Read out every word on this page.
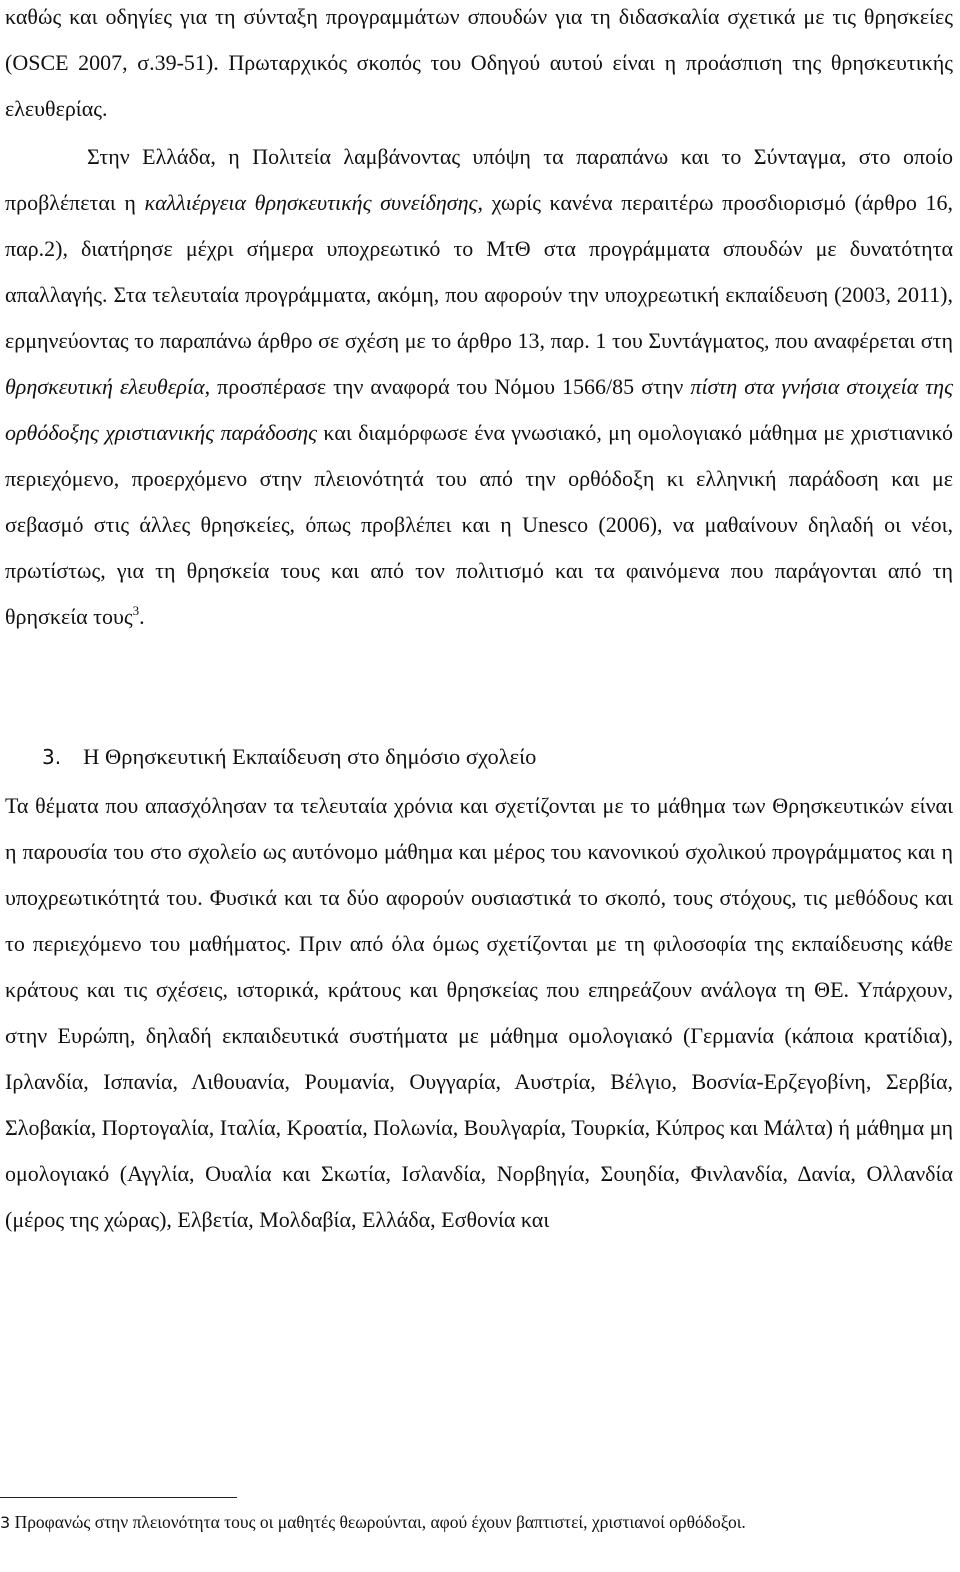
καθώς και οδηγίες για τη σύνταξη προγραμμάτων σπουδών για τη διδασκαλία σχετικά με τις θρησκείες (OSCE 2007, σ.39-51). Πρωταρχικός σκοπός του Οδηγού αυτού είναι η προάσπιση της θρησκευτικής ελευθερίας.

Στην Ελλάδα, η Πολιτεία λαμβάνοντας υπόψη τα παραπάνω και το Σύνταγμα, στο οποίο προβλέπεται η καλλιέργεια θρησκευτικής συνείδησης, χωρίς κανένα περαιτέρω προσδιορισμό (άρθρο 16, παρ.2), διατήρησε μέχρι σήμερα υποχρεωτικό το ΜτΘ στα προγράμματα σπουδών με δυνατότητα απαλλαγής. Στα τελευταία προγράμματα, ακόμη, που αφορούν την υποχρεωτική εκπαίδευση (2003, 2011), ερμηνεύοντας το παραπάνω άρθρο σε σχέση με το άρθρο 13, παρ. 1 του Συντάγματος, που αναφέρεται στη θρησκευτική ελευθερία, προσπέρασε την αναφορά του Νόμου 1566/85 στην πίστη στα γνήσια στοιχεία της ορθόδοξης χριστιανικής παράδοσης και διαμόρφωσε ένα γνωσιακό, μη ομολογιακό μάθημα με χριστιανικό περιεχόμενο, προερχόμενο στην πλειονότητά του από την ορθόδοξη κι ελληνική παράδοση και με σεβασμό στις άλλες θρησκείες, όπως προβλέπει και η Unesco (2006), να μαθαίνουν δηλαδή οι νέοι, πρωτίστως, για τη θρησκεία τους και από τον πολιτισμό και τα φαινόμενα που παράγονται από τη θρησκεία τους$^3$.

3. Η Θρησκευτική Εκπαίδευση στο δημόσιο σχολείο

Τα θέματα που απασχόλησαν τα τελευταία χρόνια και σχετίζονται με το μάθημα των Θρησκευτικών είναι η παρουσία του στο σχολείο ως αυτόνομο μάθημα και μέρος του κανονικού σχολικού προγράμματος και η υποχρεωτικότητά του. Φυσικά και τα δύο αφορούν ουσιαστικά το σκοπό, τους στόχους, τις μεθόδους και το περιεχόμενο του μαθήματος. Πριν από όλα όμως σχετίζονται με τη φιλοσοφία της εκπαίδευσης κάθε κράτους και τις σχέσεις, ιστορικά, κράτους και θρησκείας που επηρεάζουν ανάλογα τη ΘΕ. Υπάρχουν, στην Ευρώπη, δηλαδή εκπαιδευτικά συστήματα με μάθημα ομολογιακό (Γερμανία (κάποια κρατίδια), Ιρλανδία, Ισπανία, Λιθουανία, Ρουμανία, Ουγγαρία, Αυστρία, Βέλγιο, Βοσνία-Ερζεγοβίνη, Σερβία, Σλοβακία, Πορτογαλία, Ιταλία, Κροατία, Πολωνία, Βουλγαρία, Τουρκία, Κύπρος και Μάλτα) ή μάθημα μη ομολογιακό (Αγγλία, Ουαλία και Σκωτία, Ισλανδία, Νορβηγία, Σουηδία, Φινλανδία, Δανία, Ολλανδία (μέρος της χώρας), Ελβετία, Μολδαβία, Ελλάδα, Εσθονία και

3 Προφανώς στην πλειονότητα τους οι μαθητές θεωρούνται, αφού έχουν βαπτιστεί, χριστιανοί ορθόδοξοι.
